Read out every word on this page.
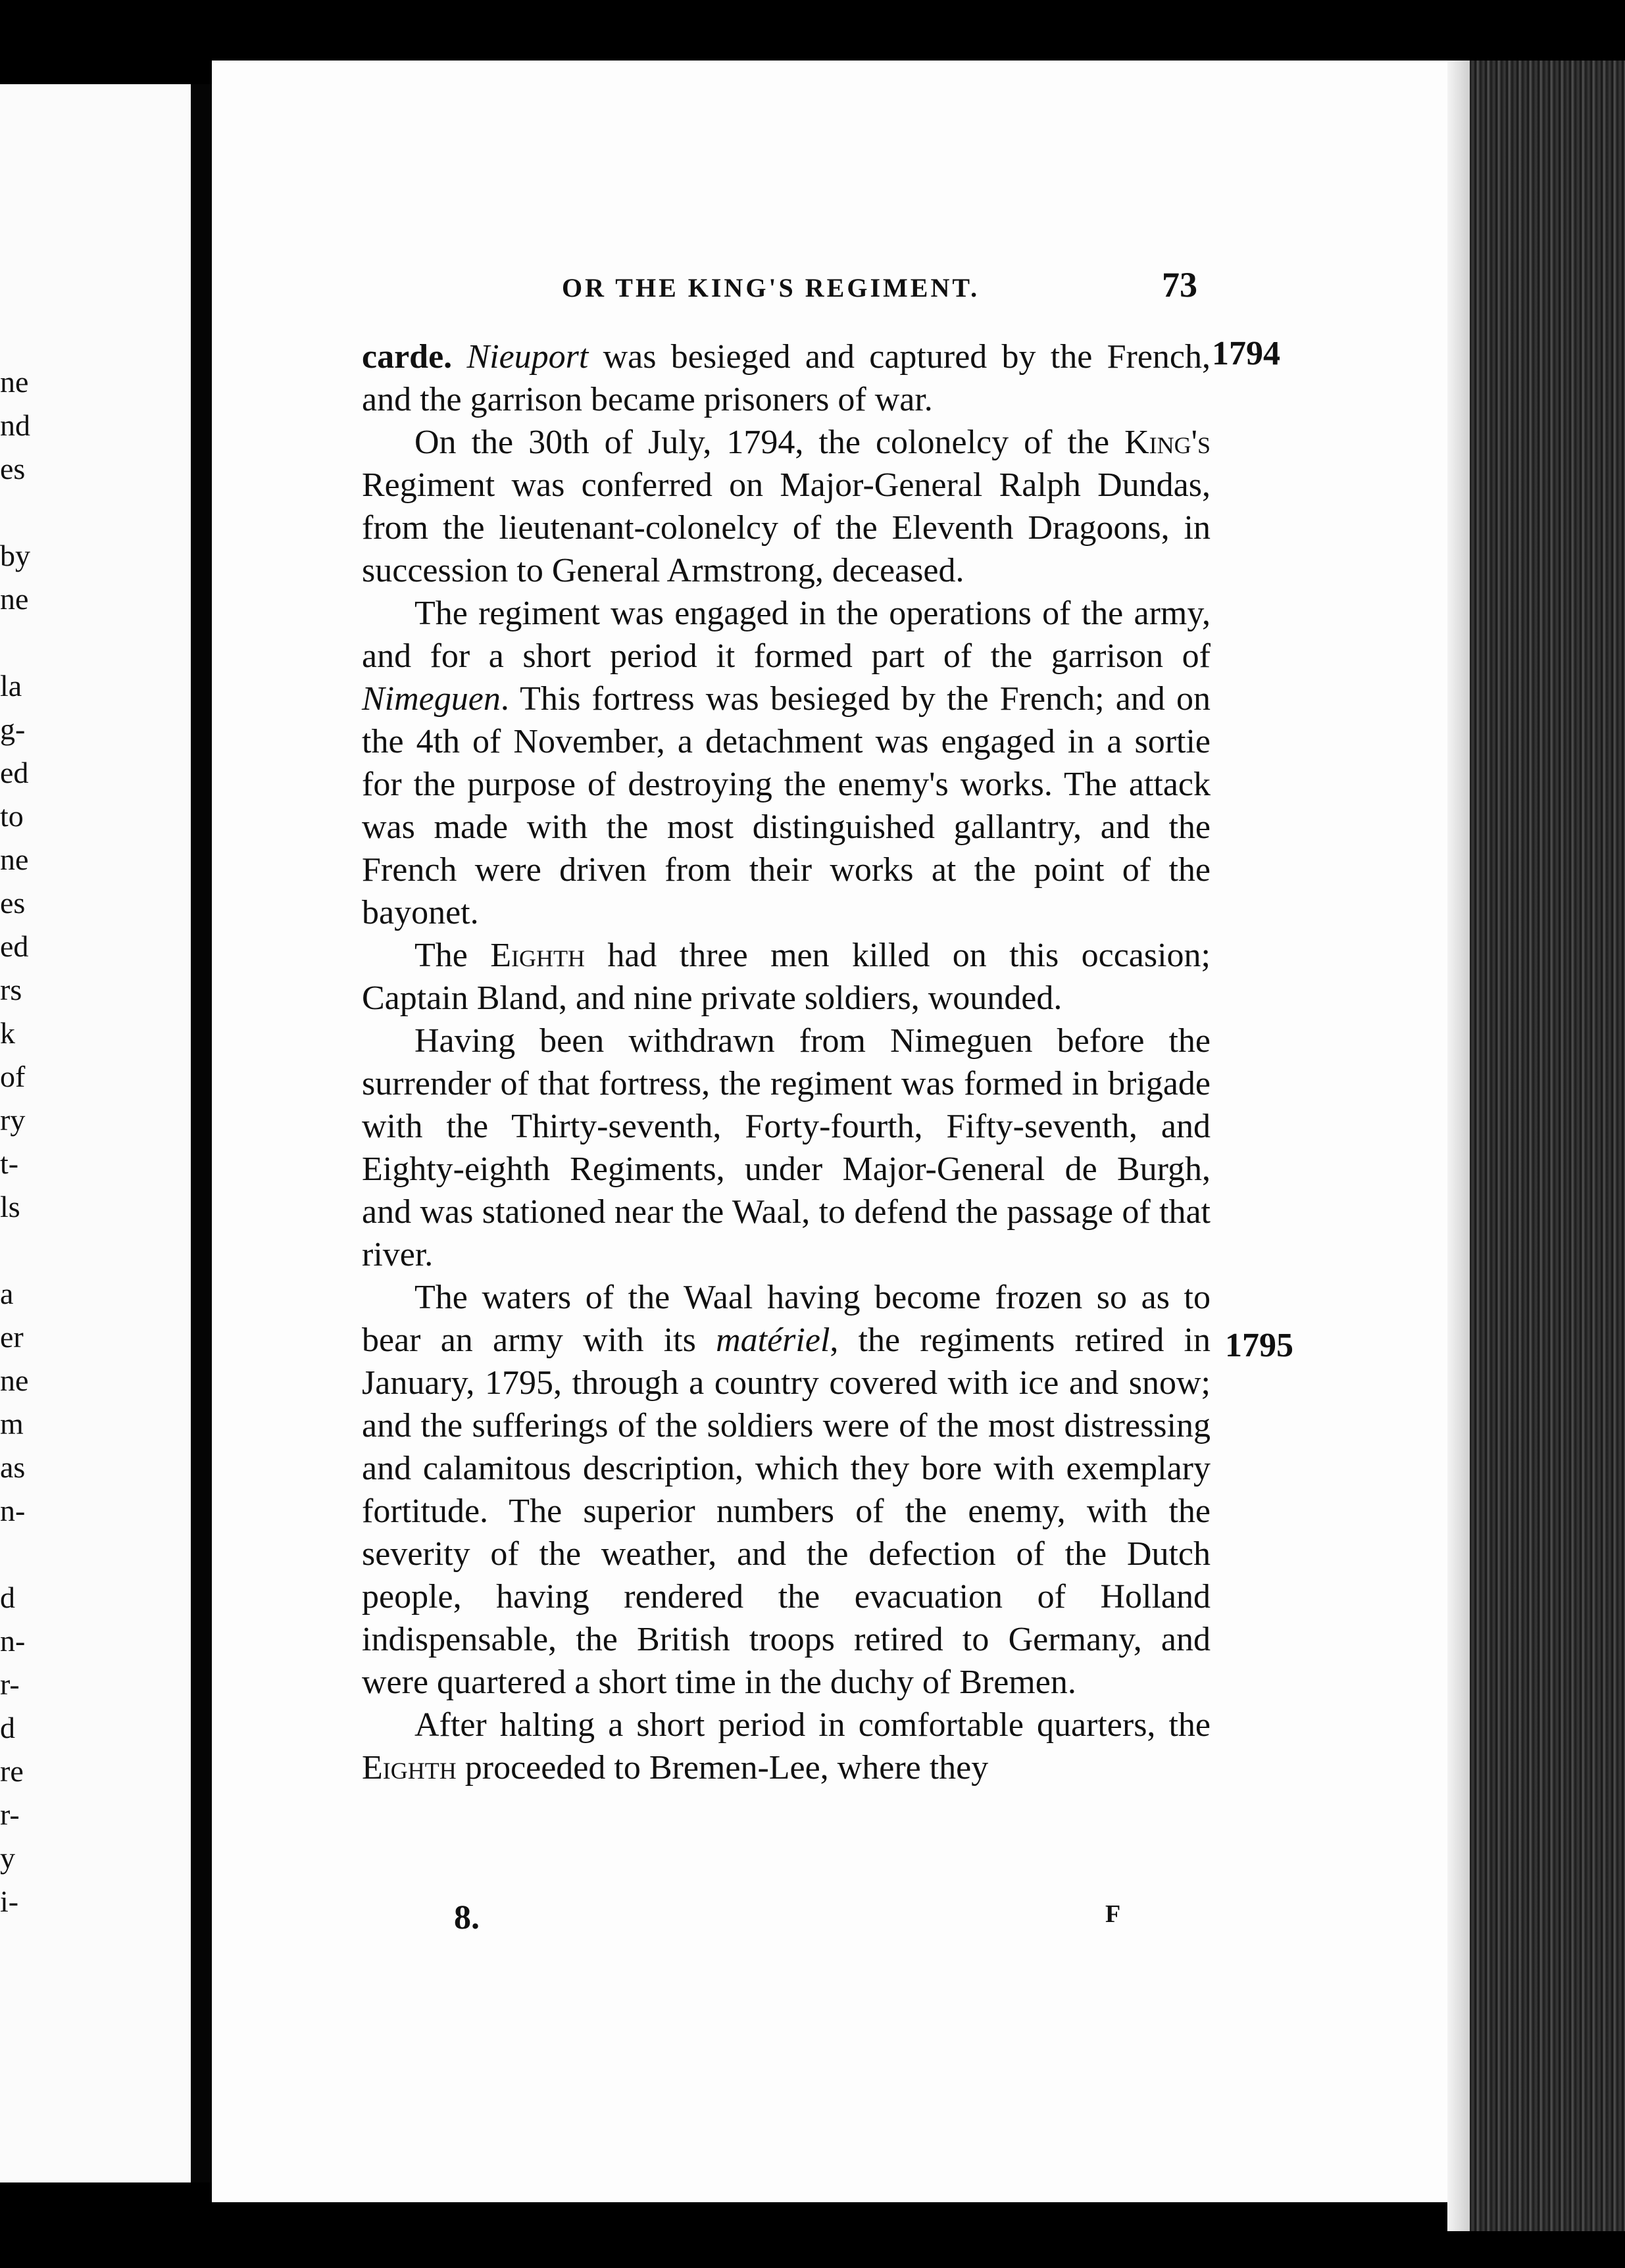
ne
nd
es
by
ne
la
g-
ed
to
ne
es
ed
rs
k
of
ry
t-
ls
a
er
ne
m
as
n-
d
n-
r-
d
re
r-
y
i-
OR THE KING'S REGIMENT.	73
1794
1795

carde. Nieuport was besieged and captured by the French, and the garrison became prisoners of war.

On the 30th of July, 1794, the colonelcy of the King's Regiment was conferred on Major-General Ralph Dundas, from the lieutenant-colonelcy of the Eleventh Dragoons, in succession to General Armstrong, deceased.

The regiment was engaged in the operations of the army, and for a short period it formed part of the garrison of Nimeguen. This fortress was besieged by the French; and on the 4th of November, a detachment was engaged in a sortie for the purpose of destroying the enemy's works. The attack was made with the most distinguished gallantry, and the French were driven from their works at the point of the bayonet.

The Eighth had three men killed on this occasion; Captain Bland, and nine private soldiers, wounded.

Having been withdrawn from Nimeguen before the surrender of that fortress, the regiment was formed in brigade with the Thirty-seventh, Forty-fourth, Fifty-seventh, and Eighty-eighth Regiments, under Major-General de Burgh, and was stationed near the Waal, to defend the passage of that river.

The waters of the Waal having become frozen so as to bear an army with its matériel, the regiments retired in January, 1795, through a country covered with ice and snow; and the sufferings of the soldiers were of the most distressing and calamitous description, which they bore with exemplary fortitude. The superior numbers of the enemy, with the severity of the weather, and the defection of the Dutch people, having rendered the evacuation of Holland indispensable, the British troops retired to Germany, and were quartered a short time in the duchy of Bremen.

After halting a short period in comfortable quarters, the Eighth proceeded to Bremen-Lee, where they

8.	F
